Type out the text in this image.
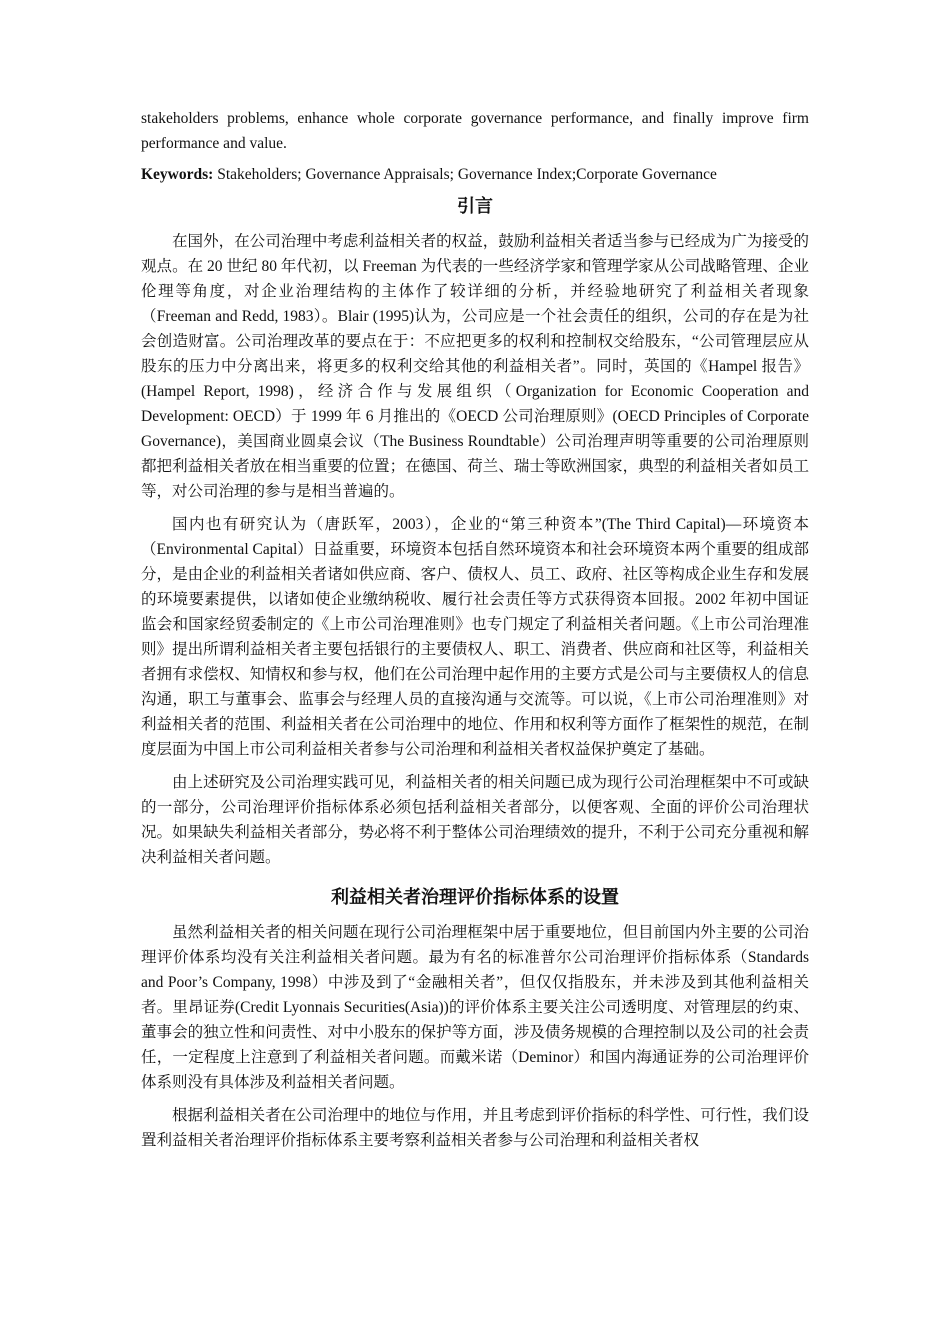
stakeholders problems, enhance whole corporate governance performance, and finally improve firm performance and value.

Keywords: Stakeholders; Governance Appraisals; Governance Index;Corporate Governance

引言

在国外，在公司治理中考虑利益相关者的权益，鼓励利益相关者适当参与已经成为广为接受的观点。在 20 世纪 80 年代初，以 Freeman 为代表的一些经济学家和管理学家从公司战略管理、企业伦理等角度，对企业治理结构的主体作了较详细的分析，并经验地研究了利益相关者现象（Freeman and Redd, 1983）。Blair (1995)认为，公司应是一个社会责任的组织，公司的存在是为社会创造财富。公司治理改革的要点在于：不应把更多的权利和控制权交给股东，“公司管理层应从股东的压力中分离出来，将更多的权利交给其他的利益相关者”。同时，英国的《Hampel 报告》(Hampel Report, 1998)，经济合作与发展组织（Organization for Economic Cooperation and Development: OECD）于 1999 年 6 月推出的《OECD 公司治理原则》(OECD Principles of Corporate Governance)，美国商业圆桌会议（The Business Roundtable）公司治理声明等重要的公司治理原则都把利益相关者放在相当重要的位置；在德国、荷兰、瑞士等欧洲国家，典型的利益相关者如员工等，对公司治理的参与是相当普遍的。

国内也有研究认为（唐跃军，2003），企业的“第三种资本”(The Third Capital)—环境资本（Environmental Capital）日益重要，环境资本包括自然环境资本和社会环境资本两个重要的组成部分，是由企业的利益相关者诸如供应商、客户、债权人、员工、政府、社区等构成企业生存和发展的环境要素提供，以诸如使企业缴纳税收、履行社会责任等方式获得资本回报。2002 年初中国证监会和国家经贸委制定的《上市公司治理准则》也专门规定了利益相关者问题。《上市公司治理准则》提出所谓利益相关者主要包括银行的主要债权人、职工、消费者、供应商和社区等，利益相关者拥有求偿权、知情权和参与权，他们在公司治理中起作用的主要方式是公司与主要债权人的信息沟通，职工与董事会、监事会与经理人员的直接沟通与交流等。可以说，《上市公司治理准则》对利益相关者的范围、利益相关者在公司治理中的地位、作用和权利等方面作了框架性的规范，在制度层面为中国上市公司利益相关者参与公司治理和利益相关者权益保护奠定了基础。

由上述研究及公司治理实践可见，利益相关者的相关问题已成为现行公司治理框架中不可或缺的一部分，公司治理评价指标体系必须包括利益相关者部分，以便客观、全面的评价公司治理状况。如果缺失利益相关者部分，势必将不利于整体公司治理绩效的提升，不利于公司充分重视和解决利益相关者问题。

利益相关者治理评价指标体系的设置

虽然利益相关者的相关问题在现行公司治理框架中居于重要地位，但目前国内外主要的公司治理评价体系均没有关注利益相关者问题。最为有名的标准普尔公司治理评价指标体系（Standards and Poor’s Company, 1998）中涉及到了“金融相关者”，但仅仅指股东，并未涉及到其他利益相关者。里昂证券(Credit Lyonnais Securities(Asia))的评价体系主要关注公司透明度、对管理层的约束、董事会的独立性和问责性、对中小股东的保护等方面，涉及债务规模的合理控制以及公司的社会责任，一定程度上注意到了利益相关者问题。而戴米诺（Deminor）和国内海通证券的公司治理评价体系则没有具体涉及利益相关者问题。

根据利益相关者在公司治理中的地位与作用，并且考虑到评价指标的科学性、可行性，我们设置利益相关者治理评价指标体系主要考察利益相关者参与公司治理和利益相关者权
